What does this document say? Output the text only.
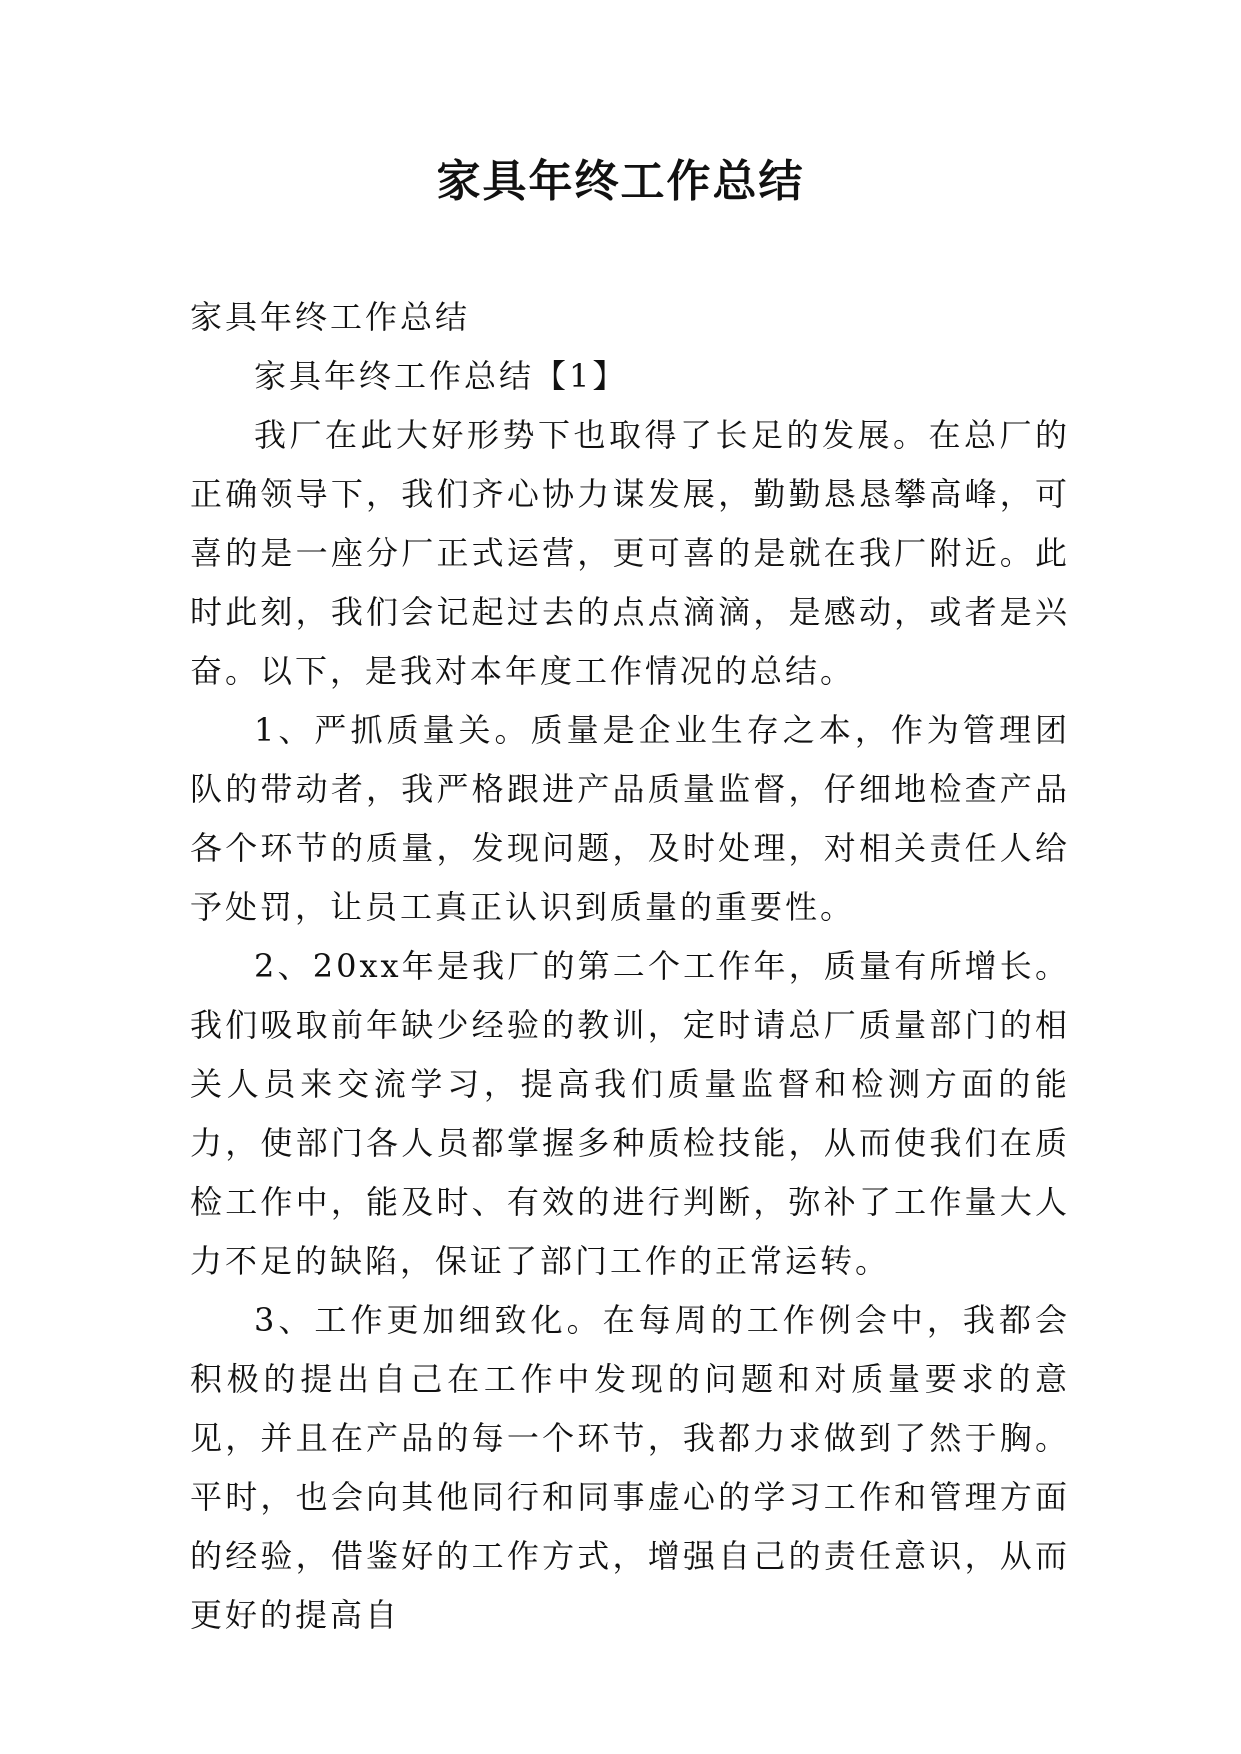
家具年终工作总结

家具年终工作总结

家具年终工作总结【1】

我厂在此大好形势下也取得了长足的发展。在总厂的正确领导下，我们齐心协力谋发展，勤勤恳恳攀高峰，可喜的是一座分厂正式运营，更可喜的是就在我厂附近。此时此刻，我们会记起过去的点点滴滴，是感动，或者是兴奋。以下，是我对本年度工作情况的总结。

1、严抓质量关。质量是企业生存之本，作为管理团队的带动者，我严格跟进产品质量监督，仔细地检查产品各个环节的质量，发现问题，及时处理，对相关责任人给予处罚，让员工真正认识到质量的重要性。

2、20xx年是我厂的第二个工作年，质量有所增长。我们吸取前年缺少经验的教训，定时请总厂质量部门的相关人员来交流学习，提高我们质量监督和检测方面的能力，使部门各人员都掌握多种质检技能，从而使我们在质检工作中，能及时、有效的进行判断，弥补了工作量大人力不足的缺陷，保证了部门工作的正常运转。

3、工作更加细致化。在每周的工作例会中，我都会积极的提出自己在工作中发现的问题和对质量要求的意见，并且在产品的每一个环节，我都力求做到了然于胸。平时，也会向其他同行和同事虚心的学习工作和管理方面的经验，借鉴好的工作方式，增强自己的责任意识，从而更好的提高自
